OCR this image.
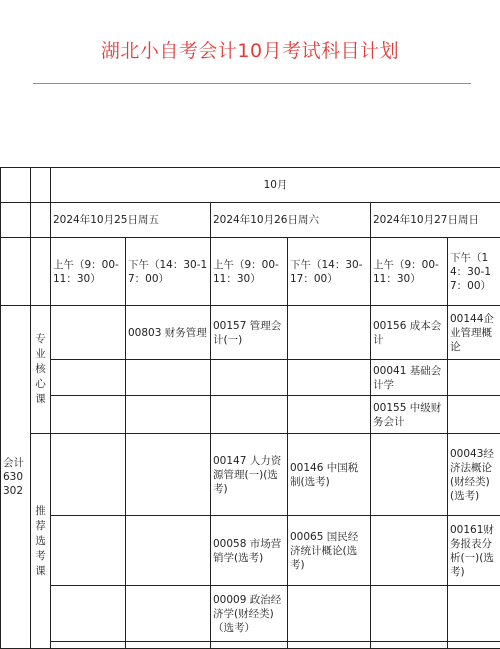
湖北小自考会计10月考试科目计划
		10月					
		2024年10月25日周五		2024年10月26日周六		2024年10月27日周日	
		上午（9：00-11：30）	下午（14：30-17：00）	上午（9：00-11：30）	下午（14：30-17：00）	上午（9：00-11：30）	下午（14：30-17：00）
会计630302	专业核心课		00803 财务管理	00157 管理会计(一)		00156 成本会计	00144企业管理概论
						00041 基础会计学	
						00155 中级财务会计	
	推荐选考课			00147 人力资源管理(一)(选考)	00146 中国税制(选考)		00043经济法概论(财经类)(选考)
				00058 市场营销学(选考)	00065 国民经济统计概论(选考)		00161财务报表分析(一)(选考)
				00009 政治经济学(财经类)（选考）			
